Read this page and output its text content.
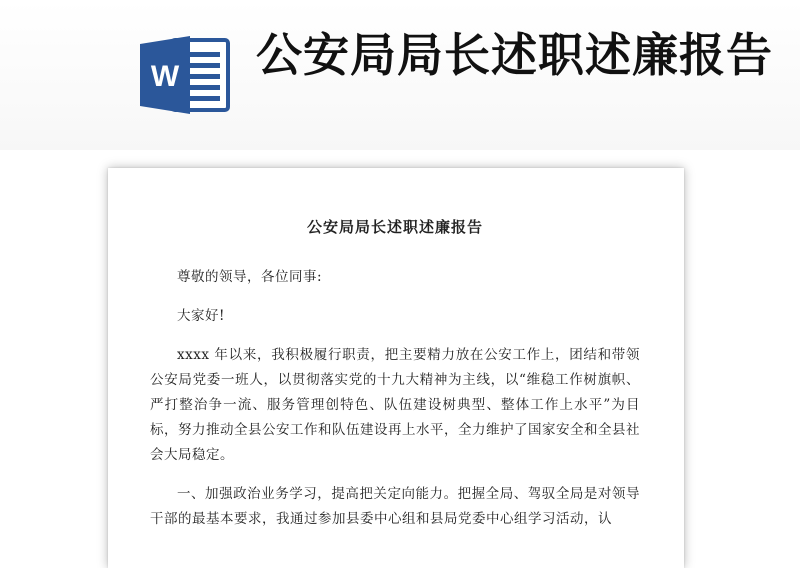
W 公安局局长述职述廉报告
公安局局长述职述廉报告

尊敬的领导，各位同事:

大家好!

xxxx 年以来，我积极履行职责，把主要精力放在公安工作上，团结和带领公安局党委一班人，以贯彻落实党的十九大精神为主线，以“维稳工作树旗帜、严打整治争一流、服务管理创特色、队伍建设树典型、整体工作上水平”为目标，努力推动全县公安工作和队伍建设再上水平，全力维护了国家安全和全县社会大局稳定。

一、加强政治业务学习，提高把关定向能力。把握全局、驾驭全局是对领导干部的最基本要求，我通过参加县委中心组和县局党委中心组学习活动，认
